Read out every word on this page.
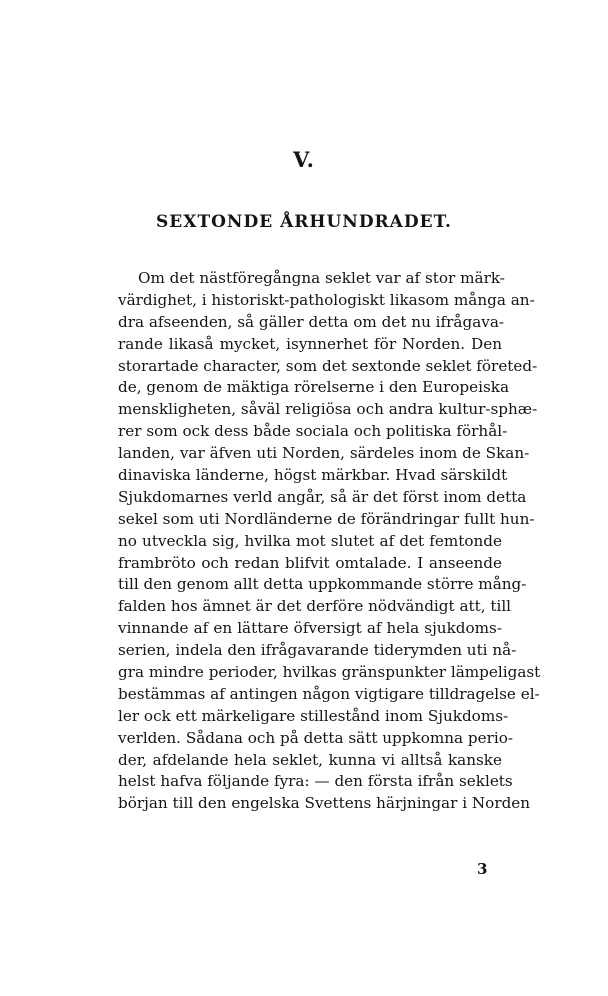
V.
SEXTONDE ÅRHUNDRADET.
Om det nästföregångna seklet var af stor märk-
värdighet, i historiskt-pathologiskt likasom många an-
dra afseenden, så gäller detta om det nu ifrågava-
rande likaså mycket, isynnerhet för Norden. Den
storartade character, som det sextonde seklet företed-
de, genom de mäktiga rörelserne i den Europeiska
menskligheten, såväl religiösa och andra kultur-sphæ-
rer som ock dess både sociala och politiska förhål-
landen, var äfven uti Norden, särdeles inom de Skan-
dinaviska länderne, högst märkbar. Hvad särskildt
Sjukdomarnes verld angår, så är det först inom detta
sekel som uti Nordländerne de förändringar fullt hun-
no utveckla sig, hvilka mot slutet af det femtonde
frambröto och redan blifvit omtalade. I anseende
till den genom allt detta uppkommande större mång-
falden hos ämnet är det derföre nödvändigt att, till
vinnande af en lättare öfversigt af hela sjukdoms-
serien, indela den ifrågavarande tiderymden uti nå-
gra mindre perioder, hvilkas gränspunkter lämpeligast
bestämmas af antingen någon vigtigare tilldragelse el-
ler ock ett märkeligare stillestånd inom Sjukdoms-
verlden. Sådana och på detta sätt uppkomna perio-
der, afdelande hela seklet, kunna vi alltså kanske
helst hafva följande fyra: — den första ifrån seklets
början till den engelska Svettens härjningar i Norden
3
